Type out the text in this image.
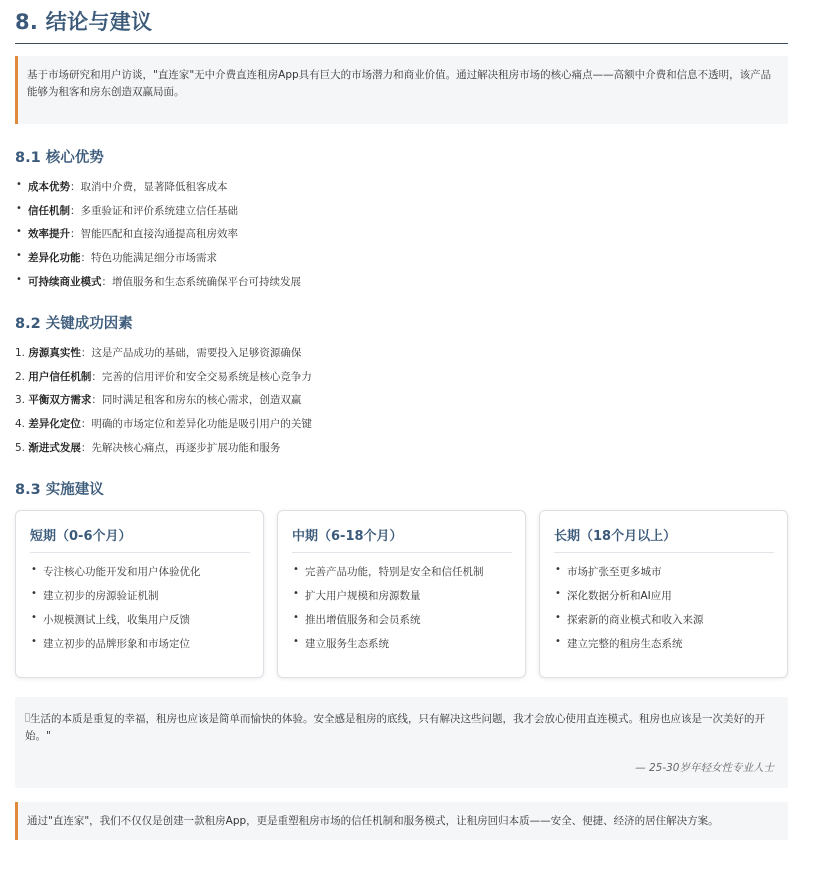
8. 结论与建议
基于市场研究和用户访谈，"直连家"无中介费直连租房App具有巨大的市场潜力和商业价值。通过解决租房市场的核心痛点——高额中介费和信息不透明，该产品能够为租客和房东创造双赢局面。
8.1 核心优势
• 成本优势：取消中介费，显著降低租客成本
• 信任机制：多重验证和评价系统建立信任基础
• 效率提升：智能匹配和直接沟通提高租房效率
• 差异化功能：特色功能满足细分市场需求
• 可持续商业模式：增值服务和生态系统确保平台可持续发展
8.2 关键成功因素
1. 房源真实性：这是产品成功的基础，需要投入足够资源确保
2. 用户信任机制：完善的信用评价和安全交易系统是核心竞争力
3. 平衡双方需求：同时满足租客和房东的核心需求，创造双赢
4. 差异化定位：明确的市场定位和差异化功能是吸引用户的关键
5. 渐进式发展：先解决核心痛点，再逐步扩展功能和服务
8.3 实施建议
短期（0-6个月）
• 专注核心功能开发和用户体验优化
• 建立初步的房源验证机制
• 小规模测试上线，收集用户反馈
• 建立初步的品牌形象和市场定位
中期（6-18个月）
• 完善产品功能，特别是安全和信任机制
• 扩大用户规模和房源数量
• 推出增值服务和会员系统
• 建立服务生态系统
长期（18个月以上）
• 市场扩张至更多城市
• 深化数据分析和AI应用
• 探索新的商业模式和收入来源
• 建立完整的租房生态系统
生活的本质是重复的幸福，租房也应该是简单而愉快的体验。安全感是租房的底线，只有解决这些问题，我才会放心使用直连模式。租房也应该是一次美好的开始。"
— 25-30岁年轻女性专业人士
通过"直连家"，我们不仅仅是创建一款租房App，更是重塑租房市场的信任机制和服务模式，让租房回归本质——安全、便捷、经济的居住解决方案。
